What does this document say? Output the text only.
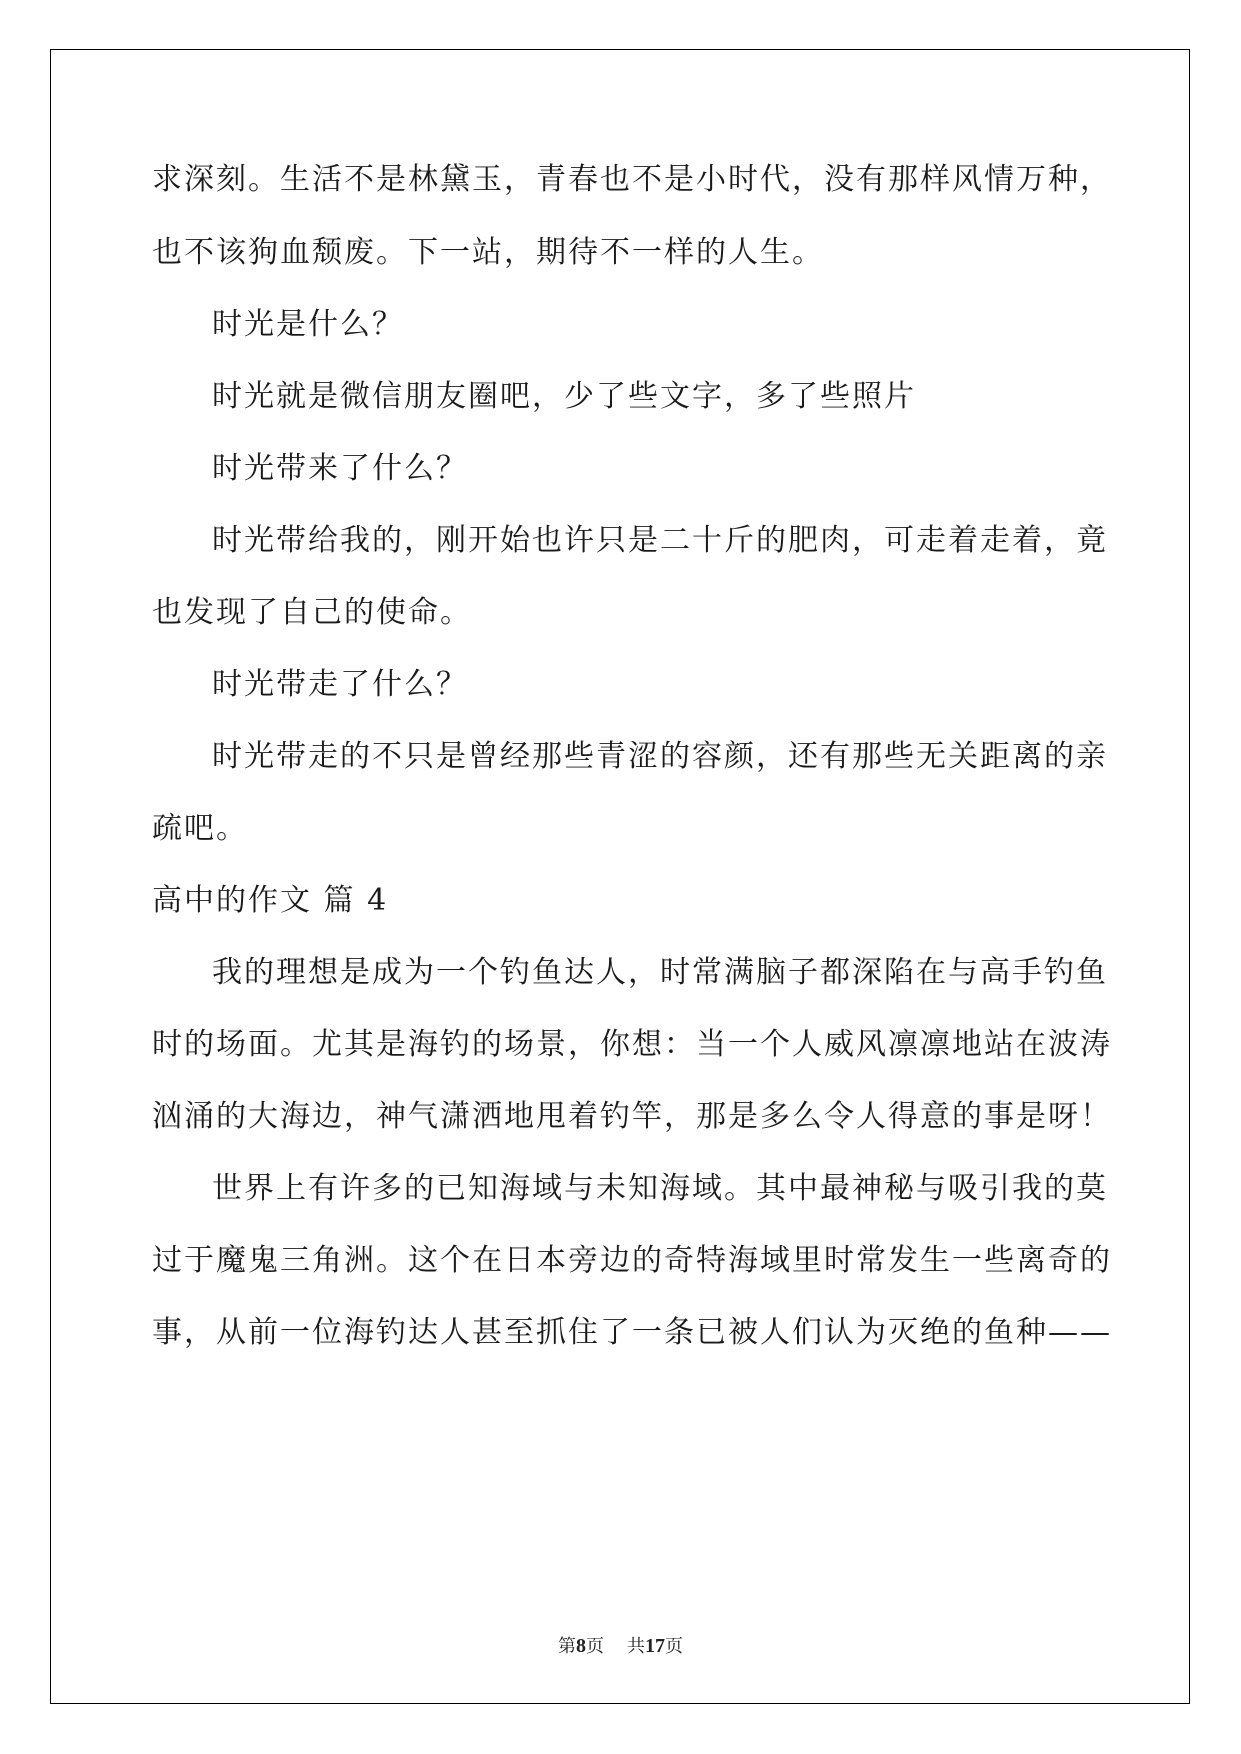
求深刻。生活不是林黛玉，青春也不是小时代，没有那样风情万种，
也不该狗血颓废。下一站，期待不一样的人生。
时光是什么？
时光就是微信朋友圈吧，少了些文字，多了些照片
时光带来了什么？
时光带给我的，刚开始也许只是二十斤的肥肉，可走着走着，竟
也发现了自己的使命。
时光带走了什么？
时光带走的不只是曾经那些青涩的容颜，还有那些无关距离的亲
疏吧。
高中的作文 篇 4
我的理想是成为一个钓鱼达人，时常满脑子都深陷在与高手钓鱼
时的场面。尤其是海钓的场景，你想：当一个人威风凛凛地站在波涛
汹涌的大海边，神气潇洒地甩着钓竿，那是多么令人得意的事是呀！
世界上有许多的已知海域与未知海域。其中最神秘与吸引我的莫
过于魔鬼三角洲。这个在日本旁边的奇特海域里时常发生一些离奇的
事，从前一位海钓达人甚至抓住了一条已被人们认为灭绝的鱼种——
第8页 共17页
